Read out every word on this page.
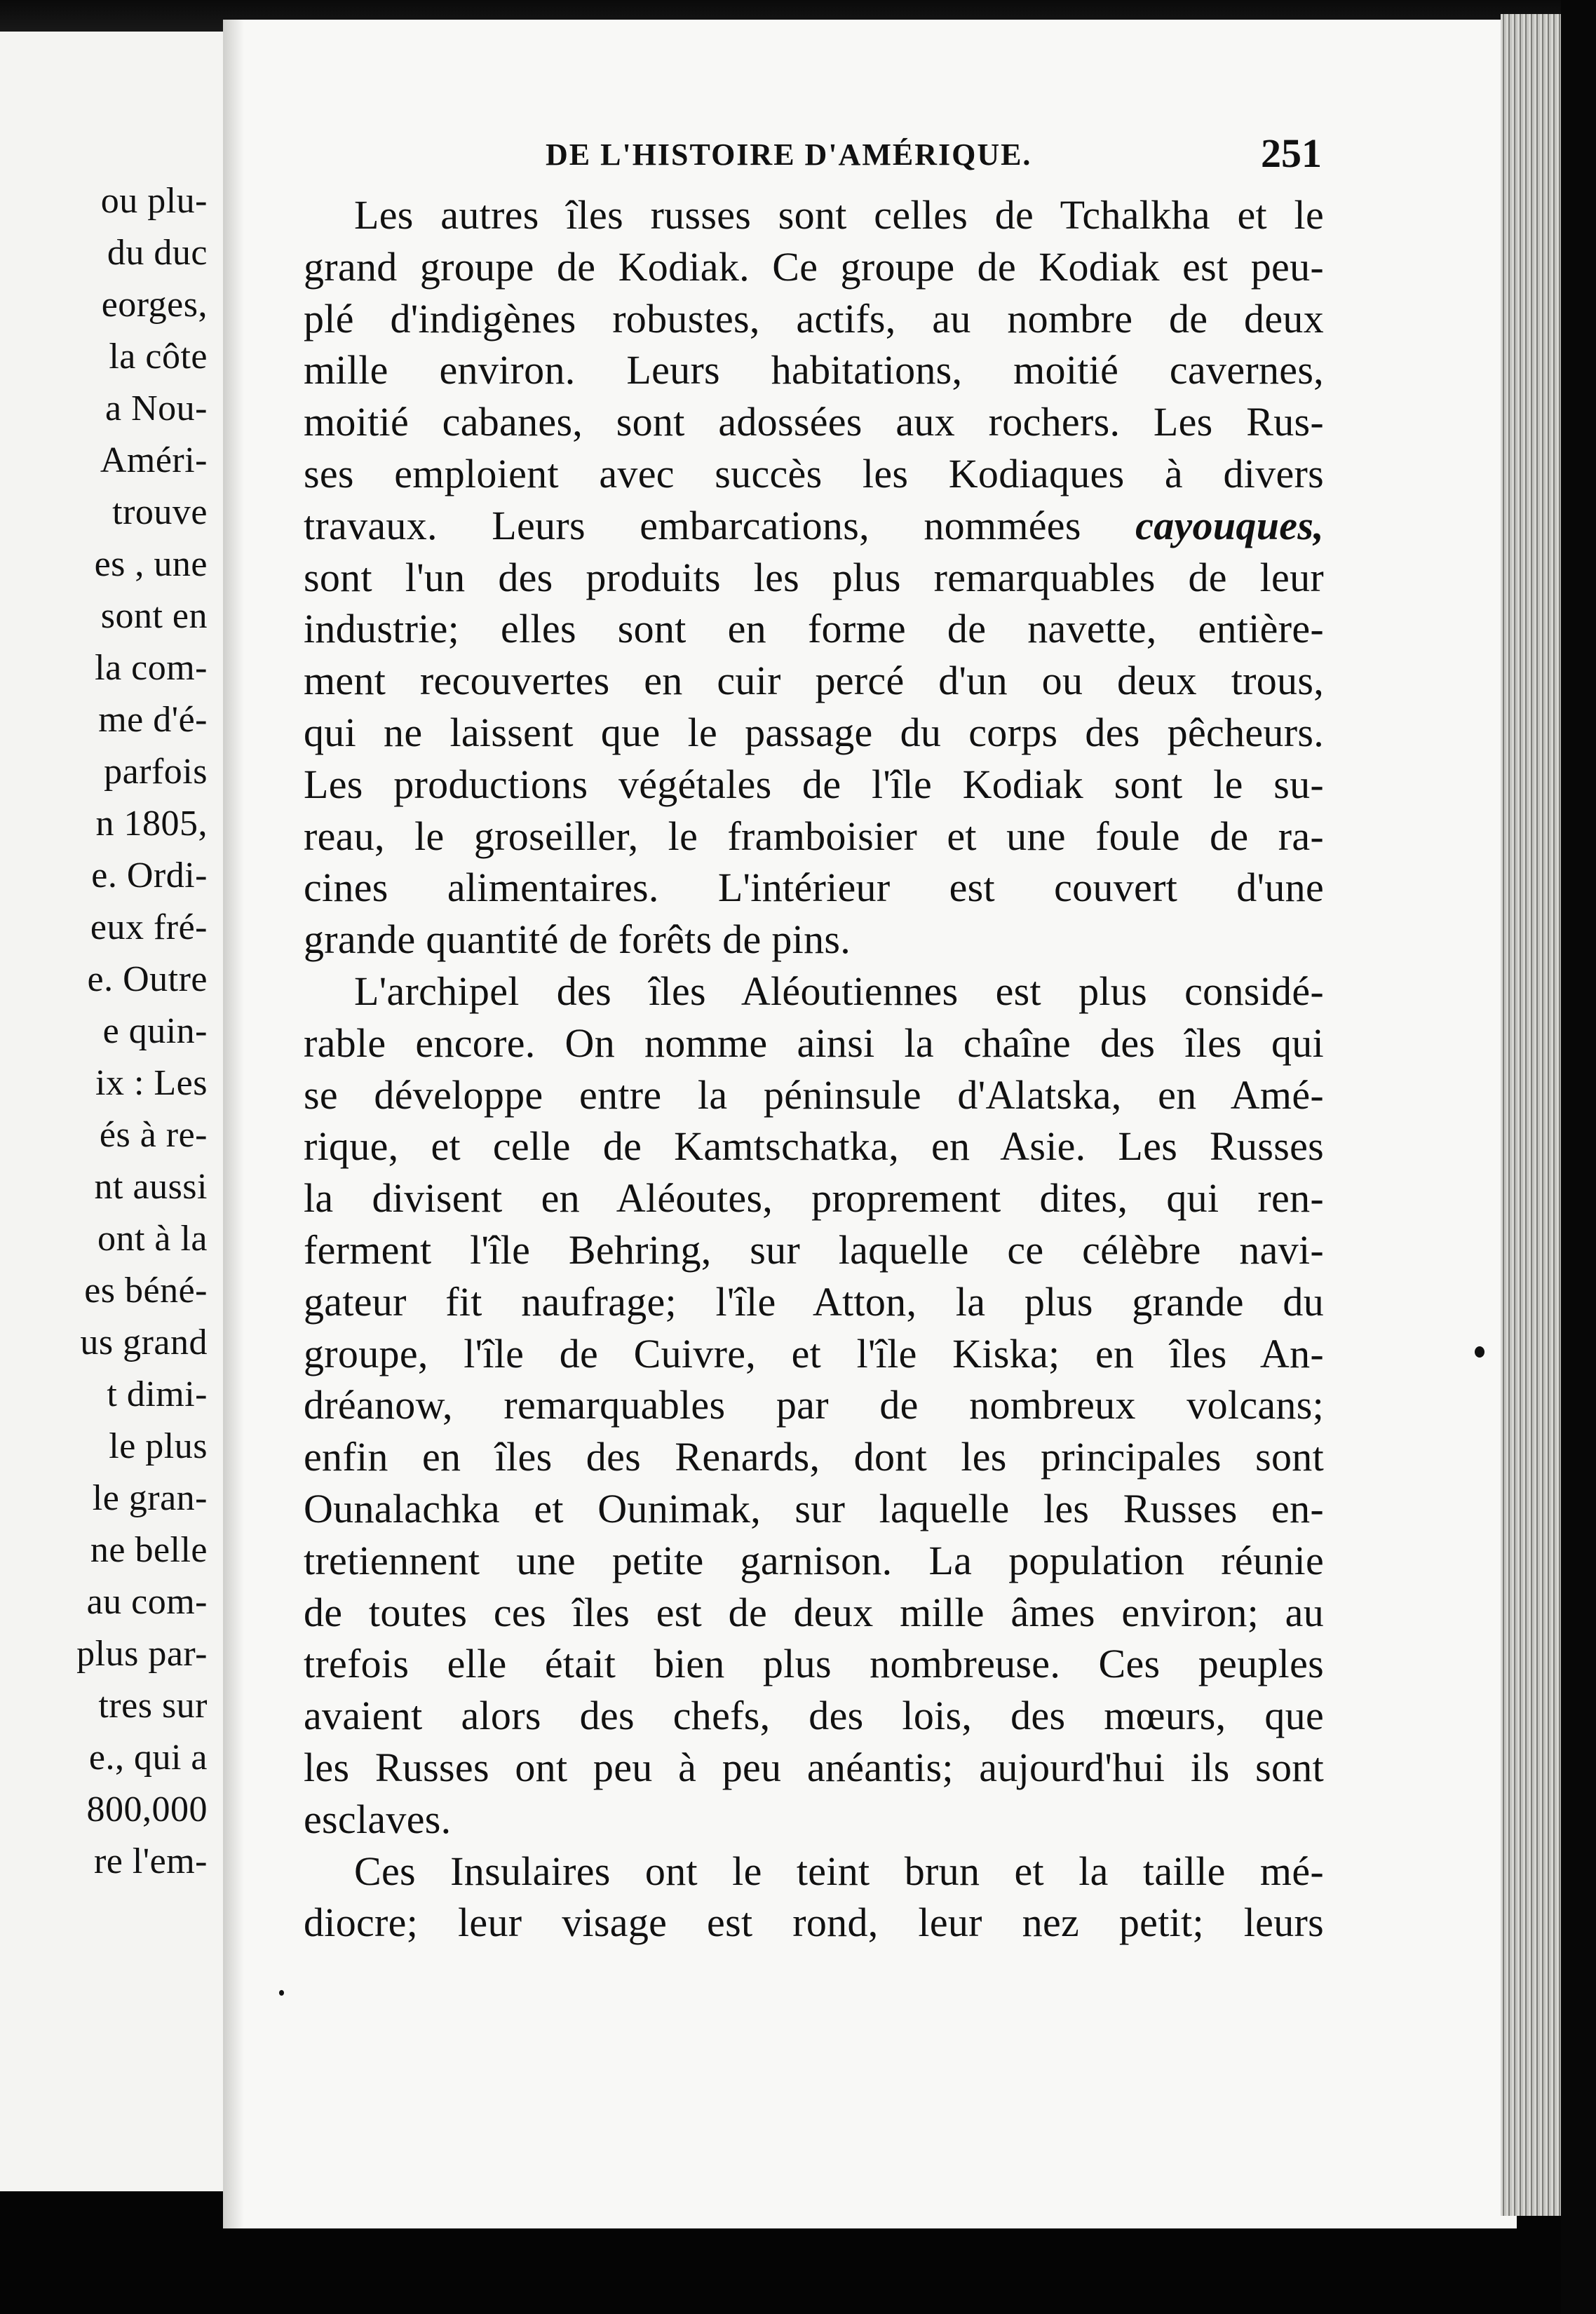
ou plu-
du duc
eorges,
la côte
a Nou-
Améri-
trouve
es , une
sont en
la com-
me d'é-
parfois
n 1805,
e. Ordi-
eux fré-
e. Outre
e quin-
ix : Les
és à re-
nt aussi
ont à la
es béné-
us grand
t dimi-
le plus
le gran-
ne belle
au com-
plus par-
tres sur
e., qui a
800,000
re l'em-
DE L'HISTOIRE D'AMÉRIQUE.	251
Les autres îles russes sont celles de Tchalkha et le
grand groupe de Kodiak. Ce groupe de Kodiak est peu-
plé d'indigènes robustes, actifs, au nombre de deux
mille environ. Leurs habitations, moitié cavernes,
moitié cabanes, sont adossées aux rochers. Les Rus-
ses emploient avec succès les Kodiaques à divers
travaux. Leurs embarcations, nommées cayouques,
sont l'un des produits les plus remarquables de leur
industrie; elles sont en forme de navette, entière-
ment recouvertes en cuir percé d'un ou deux trous,
qui ne laissent que le passage du corps des pêcheurs.
Les productions végétales de l'île Kodiak sont le su-
reau, le groseiller, le framboisier et une foule de ra-
cines alimentaires. L'intérieur est couvert d'une
grande quantité de forêts de pins.
L'archipel des îles Aléoutiennes est plus considé-
rable encore. On nomme ainsi la chaîne des îles qui
se développe entre la péninsule d'Alatska, en Amé-
rique, et celle de Kamtschatka, en Asie. Les Russes
la divisent en Aléoutes, proprement dites, qui ren-
ferment l'île Behring, sur laquelle ce célèbre navi-
gateur fit naufrage; l'île Atton, la plus grande du
groupe, l'île de Cuivre, et l'île Kiska; en îles An-
dréanow, remarquables par de nombreux volcans;
enfin en îles des Renards, dont les principales sont
Ounalachka et Ounimak, sur laquelle les Russes en-
tretiennent une petite garnison. La population réunie
de toutes ces îles est de deux mille âmes environ; au
trefois elle était bien plus nombreuse. Ces peuples
avaient alors des chefs, des lois, des mœurs, que
les Russes ont peu à peu anéantis; aujourd'hui ils sont
esclaves.
Ces Insulaires ont le teint brun et la taille mé-
diocre; leur visage est rond, leur nez petit; leurs
